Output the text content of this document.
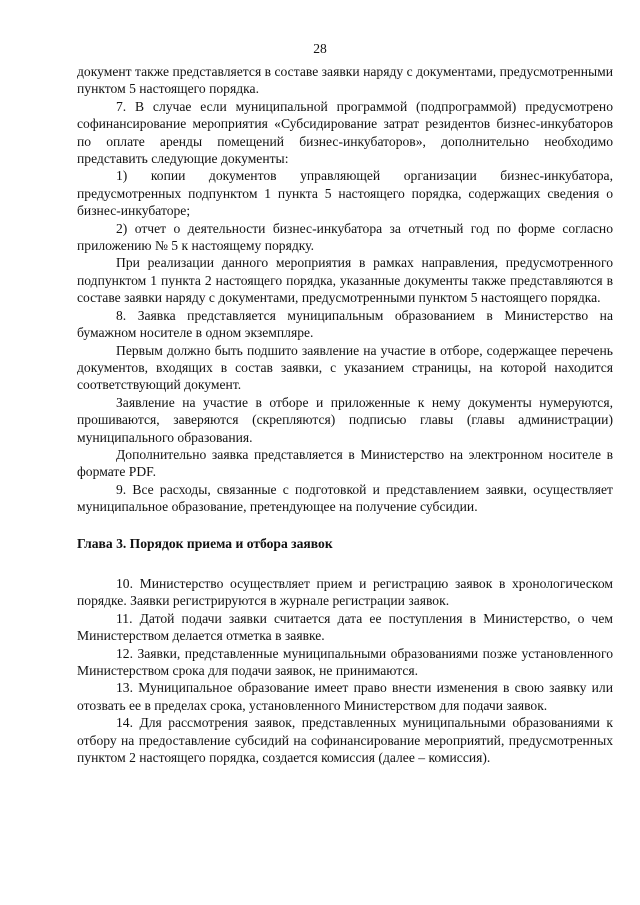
28

документ также представляется в составе заявки наряду с документами, предусмотренными пунктом 5 настоящего порядка.

7. В случае если муниципальной программой (подпрограммой) предусмотрено софинансирование мероприятия «Субсидирование затрат резидентов бизнес-инкубаторов по оплате аренды помещений бизнес-инкубаторов», дополнительно необходимо представить следующие документы:

1) копии документов управляющей организации бизнес-инкубатора, предусмотренных подпунктом 1 пункта 5 настоящего порядка, содержащих сведения о бизнес-инкубаторе;

2) отчет о деятельности бизнес-инкубатора за отчетный год по форме согласно приложению № 5 к настоящему порядку.

При реализации данного мероприятия в рамках направления, предусмотренного подпунктом 1 пункта 2 настоящего порядка, указанные документы также представляются в составе заявки наряду с документами, предусмотренными пунктом 5 настоящего порядка.

8. Заявка представляется муниципальным образованием в Министерство на бумажном носителе в одном экземпляре.

Первым должно быть подшито заявление на участие в отборе, содержащее перечень документов, входящих в состав заявки, с указанием страницы, на которой находится соответствующий документ.

Заявление на участие в отборе и приложенные к нему документы нумеруются, прошиваются, заверяются (скрепляются) подписью главы (главы администрации) муниципального образования.

Дополнительно заявка представляется в Министерство на электронном носителе в формате PDF.

9. Все расходы, связанные с подготовкой и представлением заявки, осуществляет муниципальное образование, претендующее на получение субсидии.

Глава 3. Порядок приема и отбора заявок

10. Министерство осуществляет прием и регистрацию заявок в хронологическом порядке. Заявки регистрируются в журнале регистрации заявок.

11. Датой подачи заявки считается дата ее поступления в Министерство, о чем Министерством делается отметка в заявке.

12. Заявки, представленные муниципальными образованиями позже установленного Министерством срока для подачи заявок, не принимаются.

13. Муниципальное образование имеет право внести изменения в свою заявку или отозвать ее в пределах срока, установленного Министерством для подачи заявок.

14. Для рассмотрения заявок, представленных муниципальными образованиями к отбору на предоставление субсидий на софинансирование мероприятий, предусмотренных пунктом 2 настоящего порядка, создается комиссия (далее – комиссия).
